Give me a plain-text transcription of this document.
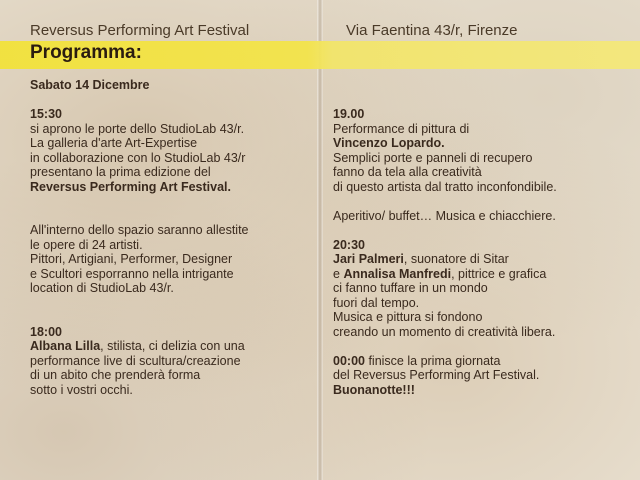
Reversus Performing Art Festival	Via Faentina 43/r, Firenze
Programma:
Sabato 14 Dicembre
15:30
si aprono le porte dello StudioLab 43/r.
La galleria d'arte Art-Expertise
in collaborazione con lo StudioLab 43/r
presentano la prima edizione del
Reversus Performing Art Festival.
All'interno dello spazio saranno allestite
le opere di 24 artisti.
Pittori, Artigiani, Performer, Designer
e Scultori esporranno nella intrigante
location di StudioLab 43/r.
18:00
Albana Lilla, stilista, ci delizia con una
performance live di scultura/creazione
di un abito che prenderà forma
sotto i vostri occhi.
19.00
Performance di pittura di
Vincenzo Lopardo.
Semplici porte e panneli di recupero
fanno da tela alla creatività
di questo artista dal tratto inconfondibile.
Aperitivo/ buffet… Musica e chiacchiere.
20:30
Jari Palmeri, suonatore di Sitar
e Annalisa Manfredi, pittrice e grafica
ci fanno tuffare in un mondo
fuori dal tempo.
Musica e pittura si fondono
creando un momento di creatività libera.
00:00 finisce la prima giornata
del Reversus Performing Art Festival.
Buonanotte!!!
